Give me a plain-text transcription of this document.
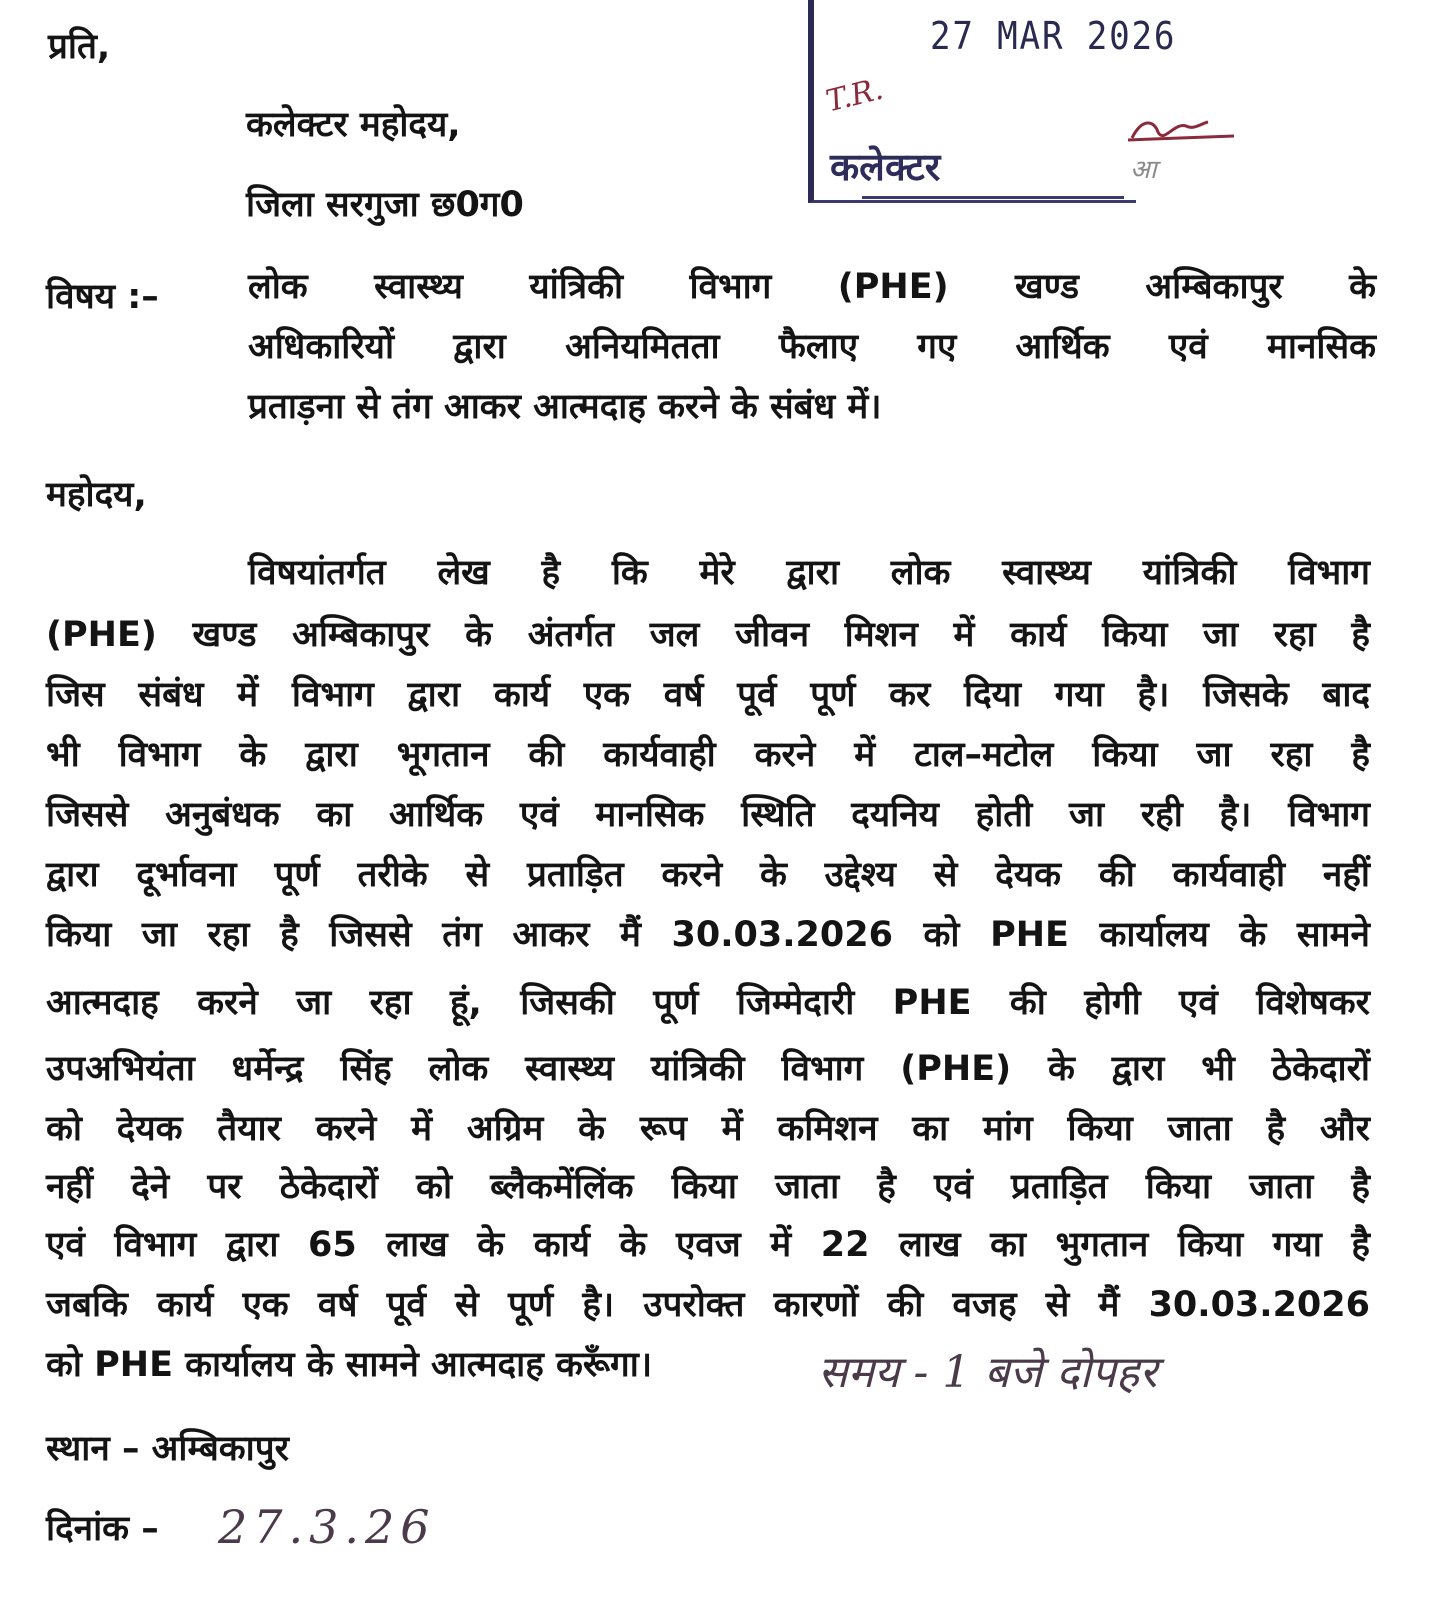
27 MAR 2026
T.R.
कलेक्टर	आ
प्रति,
कलेक्टर महोदय,
जिला सरगुजा छ0ग0
विषय :–	लोक स्वास्थ्य यांत्रिकी विभाग (PHE) खण्ड अम्बिकापुर के
अधिकारियों द्वारा अनियमितता फैलाए गए आर्थिक एवं मानसिक
प्रताड़ना से तंग आकर आत्मदाह करने के संबंध में।
महोदय,
विषयांतर्गत लेख है कि मेरे द्वारा लोक स्वास्थ्य यांत्रिकी विभाग
(PHE) खण्ड अम्बिकापुर के अंतर्गत जल जीवन मिशन में कार्य किया जा रहा है
जिस संबंध में विभाग द्वारा कार्य एक वर्ष पूर्व पूर्ण कर दिया गया है। जिसके बाद
भी विभाग के द्वारा भूगतान की कार्यवाही करने में टाल–मटोल किया जा रहा है
जिससे अनुबंधक का आर्थिक एवं मानसिक स्थिति दयनिय होती जा रही है। विभाग
द्वारा दूर्भावना पूर्ण तरीके से प्रताड़ित करने के उद्देश्य से देयक की कार्यवाही नहीं
किया जा रहा है जिससे तंग आकर मैं 30.03.2026 को PHE कार्यालय के सामने
आत्मदाह करने जा रहा हूं, जिसकी पूर्ण जिम्मेदारी PHE की होगी एवं विशेषकर
उपअभियंता धर्मेन्द्र सिंह लोक स्वास्थ्य यांत्रिकी विभाग (PHE) के द्वारा भी ठेकेदारों
को देयक तैयार करने में अग्रिम के रूप में कमिशन का मांग किया जाता है और
नहीं देने पर ठेकेदारों को ब्लैकमेंलिंक किया जाता है एवं प्रताड़ित किया जाता है
एवं विभाग द्वारा 65 लाख के कार्य के एवज में 22 लाख का भुगतान किया गया है
जबकि कार्य एक वर्ष पूर्व से पूर्ण है। उपरोक्त कारणों की वजह से मैं 30.03.2026
को PHE कार्यालय के सामने आत्मदाह करूँगा।	समय - 1 बजे दोपहर
स्थान – अम्बिकापुर
दिनांक – 27.3.26
